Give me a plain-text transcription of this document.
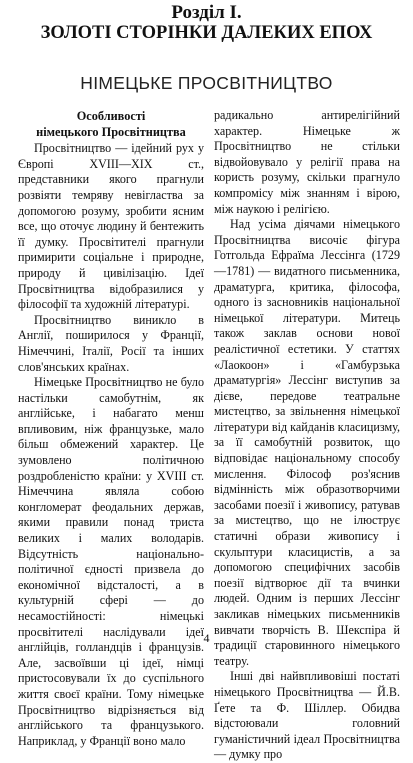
Розділ І.
ЗОЛОТІ СТОРІНКИ ДАЛЕКИХ ЕПОХ
НІМЕЦЬКЕ ПРОСВІТНИЦТВО
Особливості
німецького Просвітництва

Просвітництво — ідейний рух у Європі XVIII—XIX ст., представники якого прагнули розвіяти темряву невігластва за допомогою розуму, зробити ясним все, що оточує людину й бентежить її думку. Просвітителі прагнули примирити соціальне і природне, природу й цивілізацію. Ідеї Просвітництва відобразилися у філософії та художній літературі.

Просвітництво виникло в Англії, поширилося у Франції, Німеччині, Італії, Росії та інших слов'янських країнах.

Німецьке Просвітництво не було настільки самобутнім, як англійське, і набагато менш впливовим, ніж французьке, мало більш обмежений характер. Це зумовлено політичною роздробленістю країни: у XVIII ст. Німеччина являла собою конгломерат феодальних держав, якими правили понад триста великих і малих володарів. Відсутність національно-політичної єдності призвела до економічної відсталості, а в культурній сфері — до несамостійності: німецькі просвітителі наслідували ідеї англійців, голландців і французів. Але, засвоївши ці ідеї, німці пристосовували їх до суспільного життя своєї країни. Тому німецьке Просвітництво відрізняється від англійського та французького. Наприклад, у Франції воно мало

радикально антирелігійний характер. Німецьке ж Просвітництво не стільки відвойовувало у релігії права на користь розуму, скільки прагнуло компромісу між знанням і вірою, між наукою і релігією.

Над усіма діячами німецького Просвітництва височіє фігура Готгольда Ефраїма Лессінга (1729—1781) — видатного письменника, драматурга, критика, філософа, одного із засновників національної німецької літератури. Митець також заклав основи нової реалістичної естетики. У статтях «Лаокоон» і «Гамбурзька драматургія» Лессінг виступив за дієве, передове театральне мистецтво, за звільнення німецької літератури від кайданів класицизму, за її самобутній розвиток, що відповідає національному способу мислення. Філософ роз'яснив відмінність між образотворчими засобами поезії і живопису, ратував за мистецтво, що не ілюструє статичні образи живопису і скульптури класицистів, а за допомогою специфічних засобів поезії відтворює дії та вчинки людей. Одним із перших Лессінг закликав німецьких письменників вивчати творчість В. Шекспіра й традиції старовинного німецького театру.

Інші дві найвпливовіші постаті німецького Просвітництва — Й.В. Ґете та Ф. Шіллер. Обидва відстоювали головний гуманістичний ідеал Просвітництва — думку про

4
